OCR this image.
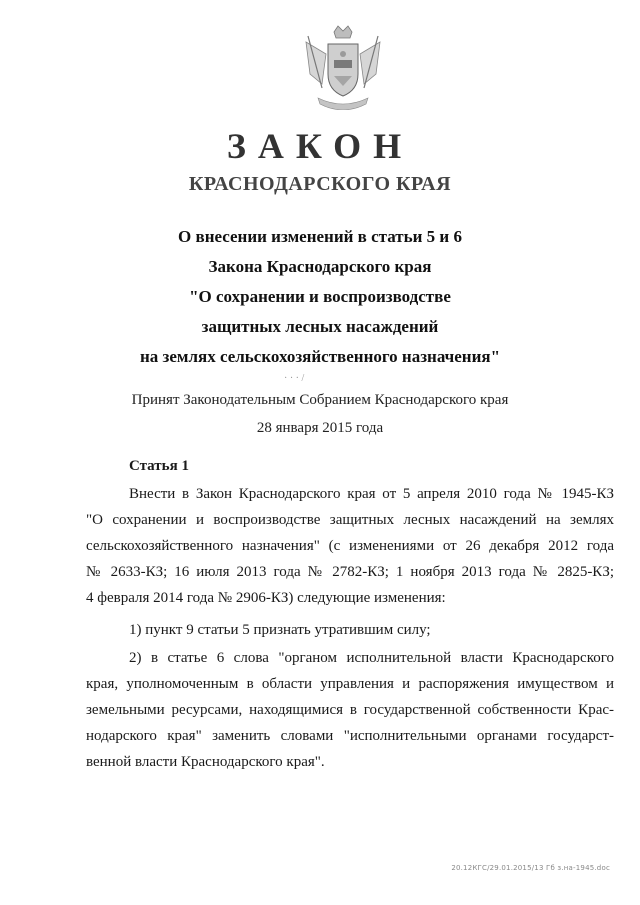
ЗАКОН
КРАСНОДАРСКОГО КРАЯ
О внесении изменений в статьи 5 и 6
Закона Краснодарского края
"О сохранении и воспроизводстве
защитных лесных насаждений
на землях сельскохозяйственного назначения"
· · · /
Принят Законодательным Собранием Краснодарского края
28 января 2015 года
Статья 1
Внести в Закон Краснодарского края от 5 апреля 2010 года № 1945-КЗ
"О сохранении и воспроизводстве защитных лесных насаждений на землях
сельскохозяйственного назначения" (с изменениями от 26 декабря 2012 года
№ 2633-КЗ; 16 июля 2013 года № 2782-КЗ; 1 ноября 2013 года № 2825-КЗ;
4 февраля 2014 года № 2906-КЗ) следующие изменения:
1) пункт 9 статьи 5 признать утратившим силу;
2) в статье 6 слова "органом исполнительной власти Краснодарского
края, уполномоченным в области управления и распоряжения имуществом и
земельными ресурсами, находящимися в государственной собственности Крас-
нодарского края" заменить словами "исполнительными органами государст-
венной власти Краснодарского края".
20.12КГС/29.01.2015/13 Гб з.на-1945.doc
